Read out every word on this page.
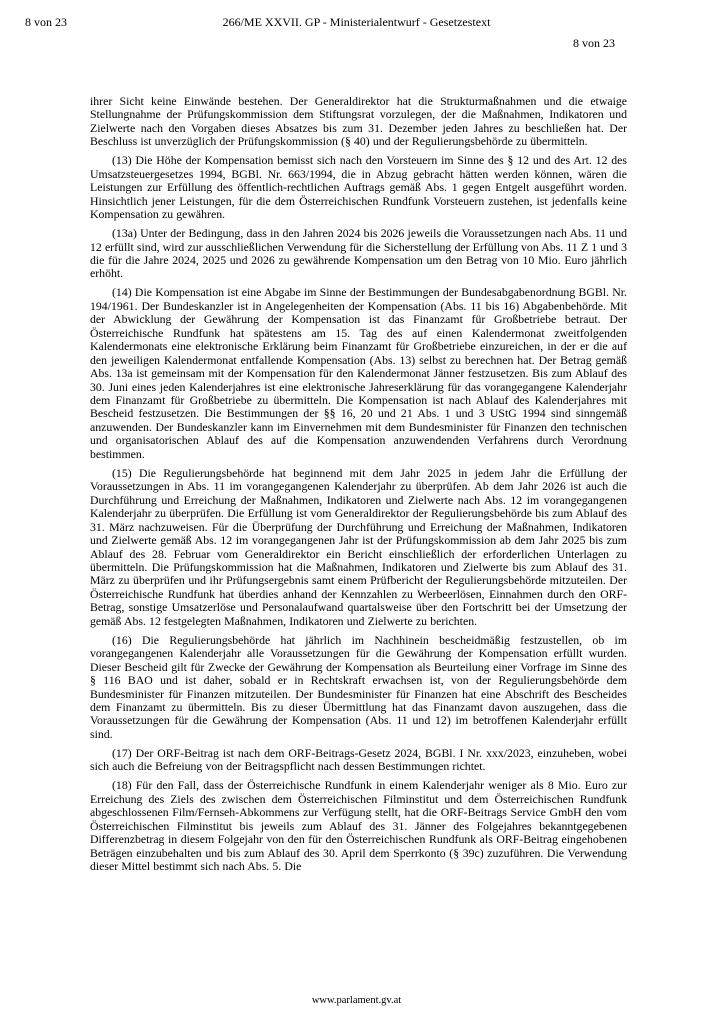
8 von 23	266/ME XXVII. GP - Ministerialentwurf - Gesetzestext
8 von 23

ihrer Sicht keine Einwände bestehen. Der Generaldirektor hat die Strukturmaßnahmen und die etwaige Stellungnahme der Prüfungskommission dem Stiftungsrat vorzulegen, der die Maßnahmen, Indikatoren und Zielwerte nach den Vorgaben dieses Absatzes bis zum 31. Dezember jeden Jahres zu beschließen hat. Der Beschluss ist unverzüglich der Prüfungskommission (§ 40) und der Regulierungsbehörde zu übermitteln.

(13) Die Höhe der Kompensation bemisst sich nach den Vorsteuern im Sinne des § 12 und des Art. 12 des Umsatzsteuergesetzes 1994, BGBl. Nr. 663/1994, die in Abzug gebracht hätten werden können, wären die Leistungen zur Erfüllung des öffentlich-rechtlichen Auftrags gemäß Abs. 1 gegen Entgelt ausgeführt worden. Hinsichtlich jener Leistungen, für die dem Österreichischen Rundfunk Vorsteuern zustehen, ist jedenfalls keine Kompensation zu gewähren.

(13a) Unter der Bedingung, dass in den Jahren 2024 bis 2026 jeweils die Voraussetzungen nach Abs. 11 und 12 erfüllt sind, wird zur ausschließlichen Verwendung für die Sicherstellung der Erfüllung von Abs. 11 Z 1 und 3 die für die Jahre 2024, 2025 und 2026 zu gewährende Kompensation um den Betrag von 10 Mio. Euro jährlich erhöht.

(14) Die Kompensation ist eine Abgabe im Sinne der Bestimmungen der Bundesabgabenordnung BGBl. Nr. 194/1961. Der Bundeskanzler ist in Angelegenheiten der Kompensation (Abs. 11 bis 16) Abgabenbehörde. Mit der Abwicklung der Gewährung der Kompensation ist das Finanzamt für Großbetriebe betraut. Der Österreichische Rundfunk hat spätestens am 15. Tag des auf einen Kalendermonat zweitfolgenden Kalendermonats eine elektronische Erklärung beim Finanzamt für Großbetriebe einzureichen, in der er die auf den jeweiligen Kalendermonat entfallende Kompensation (Abs. 13) selbst zu berechnen hat. Der Betrag gemäß Abs. 13a ist gemeinsam mit der Kompensation für den Kalendermonat Jänner festzusetzen. Bis zum Ablauf des 30. Juni eines jeden Kalenderjahres ist eine elektronische Jahreserklärung für das vorangegangene Kalenderjahr dem Finanzamt für Großbetriebe zu übermitteln. Die Kompensation ist nach Ablauf des Kalenderjahres mit Bescheid festzusetzen. Die Bestimmungen der §§ 16, 20 und 21 Abs. 1 und 3 UStG 1994 sind sinngemäß anzuwenden. Der Bundeskanzler kann im Einvernehmen mit dem Bundesminister für Finanzen den technischen und organisatorischen Ablauf des auf die Kompensation anzuwendenden Verfahrens durch Verordnung bestimmen.

(15) Die Regulierungsbehörde hat beginnend mit dem Jahr 2025 in jedem Jahr die Erfüllung der Voraussetzungen in Abs. 11 im vorangegangenen Kalenderjahr zu überprüfen. Ab dem Jahr 2026 ist auch die Durchführung und Erreichung der Maßnahmen, Indikatoren und Zielwerte nach Abs. 12 im vorangegangenen Kalenderjahr zu überprüfen. Die Erfüllung ist vom Generaldirektor der Regulierungsbehörde bis zum Ablauf des 31. März nachzuweisen. Für die Überprüfung der Durchführung und Erreichung der Maßnahmen, Indikatoren und Zielwerte gemäß Abs. 12 im vorangegangenen Jahr ist der Prüfungskommission ab dem Jahr 2025 bis zum Ablauf des 28. Februar vom Generaldirektor ein Bericht einschließlich der erforderlichen Unterlagen zu übermitteln. Die Prüfungskommission hat die Maßnahmen, Indikatoren und Zielwerte bis zum Ablauf des 31. März zu überprüfen und ihr Prüfungsergebnis samt einem Prüfbericht der Regulierungsbehörde mitzuteilen. Der Österreichische Rundfunk hat überdies anhand der Kennzahlen zu Werbeerlösen, Einnahmen durch den ORF-Betrag, sonstige Umsatzerlöse und Personalaufwand quartalsweise über den Fortschritt bei der Umsetzung der gemäß Abs. 12 festgelegten Maßnahmen, Indikatoren und Zielwerte zu berichten.

(16) Die Regulierungsbehörde hat jährlich im Nachhinein bescheidmäßig festzustellen, ob im vorangegangenen Kalenderjahr alle Voraussetzungen für die Gewährung der Kompensation erfüllt wurden. Dieser Bescheid gilt für Zwecke der Gewährung der Kompensation als Beurteilung einer Vorfrage im Sinne des § 116 BAO und ist daher, sobald er in Rechtskraft erwachsen ist, von der Regulierungsbehörde dem Bundesminister für Finanzen mitzuteilen. Der Bundesminister für Finanzen hat eine Abschrift des Bescheides dem Finanzamt zu übermitteln. Bis zu dieser Übermittlung hat das Finanzamt davon auszugehen, dass die Voraussetzungen für die Gewährung der Kompensation (Abs. 11 und 12) im betroffenen Kalenderjahr erfüllt sind.

(17) Der ORF-Beitrag ist nach dem ORF-Beitrags-Gesetz 2024, BGBl. I Nr. xxx/2023, einzuheben, wobei sich auch die Befreiung von der Beitragspflicht nach dessen Bestimmungen richtet.

(18) Für den Fall, dass der Österreichische Rundfunk in einem Kalenderjahr weniger als 8 Mio. Euro zur Erreichung des Ziels des zwischen dem Österreichischen Filminstitut und dem Österreichischen Rundfunk abgeschlossenen Film/Fernseh-Abkommens zur Verfügung stellt, hat die ORF-Beitrags Service GmbH den vom Österreichischen Filminstitut bis jeweils zum Ablauf des 31. Jänner des Folgejahres bekanntgegebenen Differenzbetrag in diesem Folgejahr von den für den Österreichischen Rundfunk als ORF-Beitrag eingehobenen Beträgen einzubehalten und bis zum Ablauf des 30. April dem Sperrkonto (§ 39c) zuzuführen. Die Verwendung dieser Mittel bestimmt sich nach Abs. 5. Die

www.parlament.gv.at
